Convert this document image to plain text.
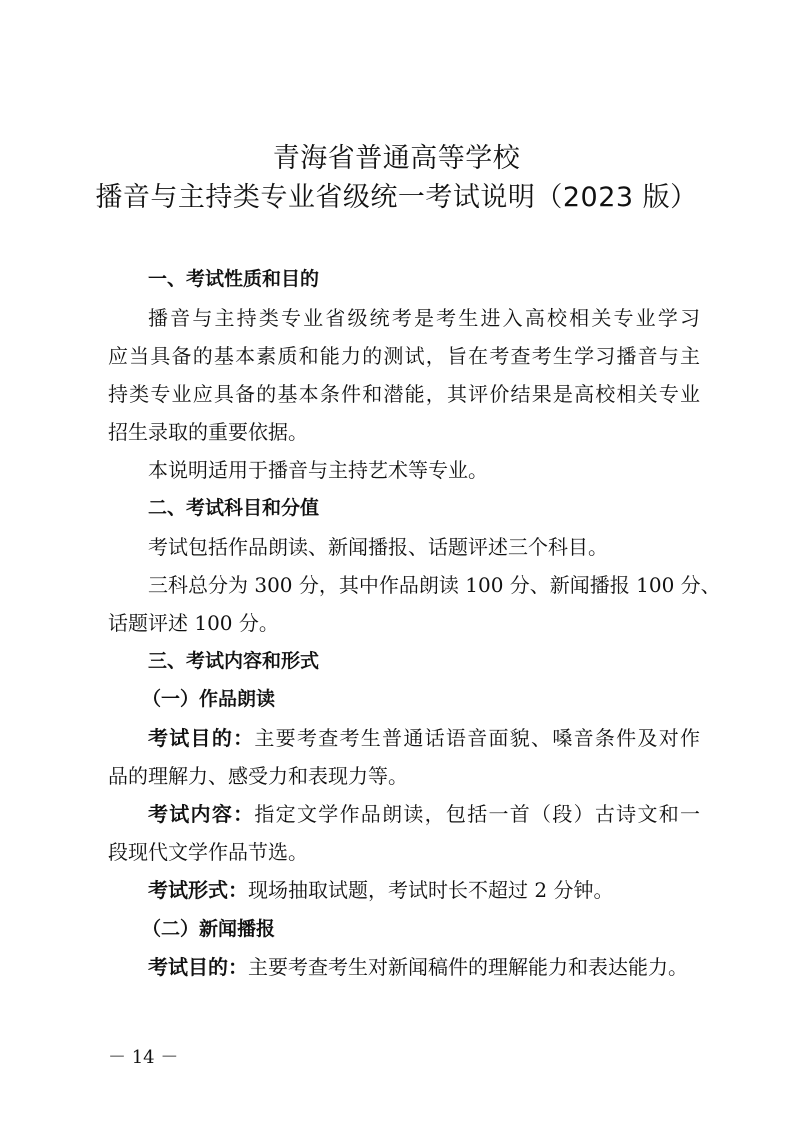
青海省普通高等学校
播音与主持类专业省级统一考试说明（2023 版）
一、考试性质和目的
播音与主持类专业省级统考是考生进入高校相关专业学习
应当具备的基本素质和能力的测试，旨在考查考生学习播音与主
持类专业应具备的基本条件和潜能，其评价结果是高校相关专业
招生录取的重要依据。
本说明适用于播音与主持艺术等专业。
二、考试科目和分值
考试包括作品朗读、新闻播报、话题评述三个科目。
三科总分为 300 分，其中作品朗读 100 分、新闻播报 100 分、
话题评述 100 分。
三、考试内容和形式
（一）作品朗读
考试目的：主要考查考生普通话语音面貌、嗓音条件及对作
品的理解力、感受力和表现力等。
考试内容：指定文学作品朗读，包括一首（段）古诗文和一
段现代文学作品节选。
考试形式：现场抽取试题，考试时长不超过 2 分钟。
（二）新闻播报
考试目的：主要考查考生对新闻稿件的理解能力和表达能力。
－ 14 －
